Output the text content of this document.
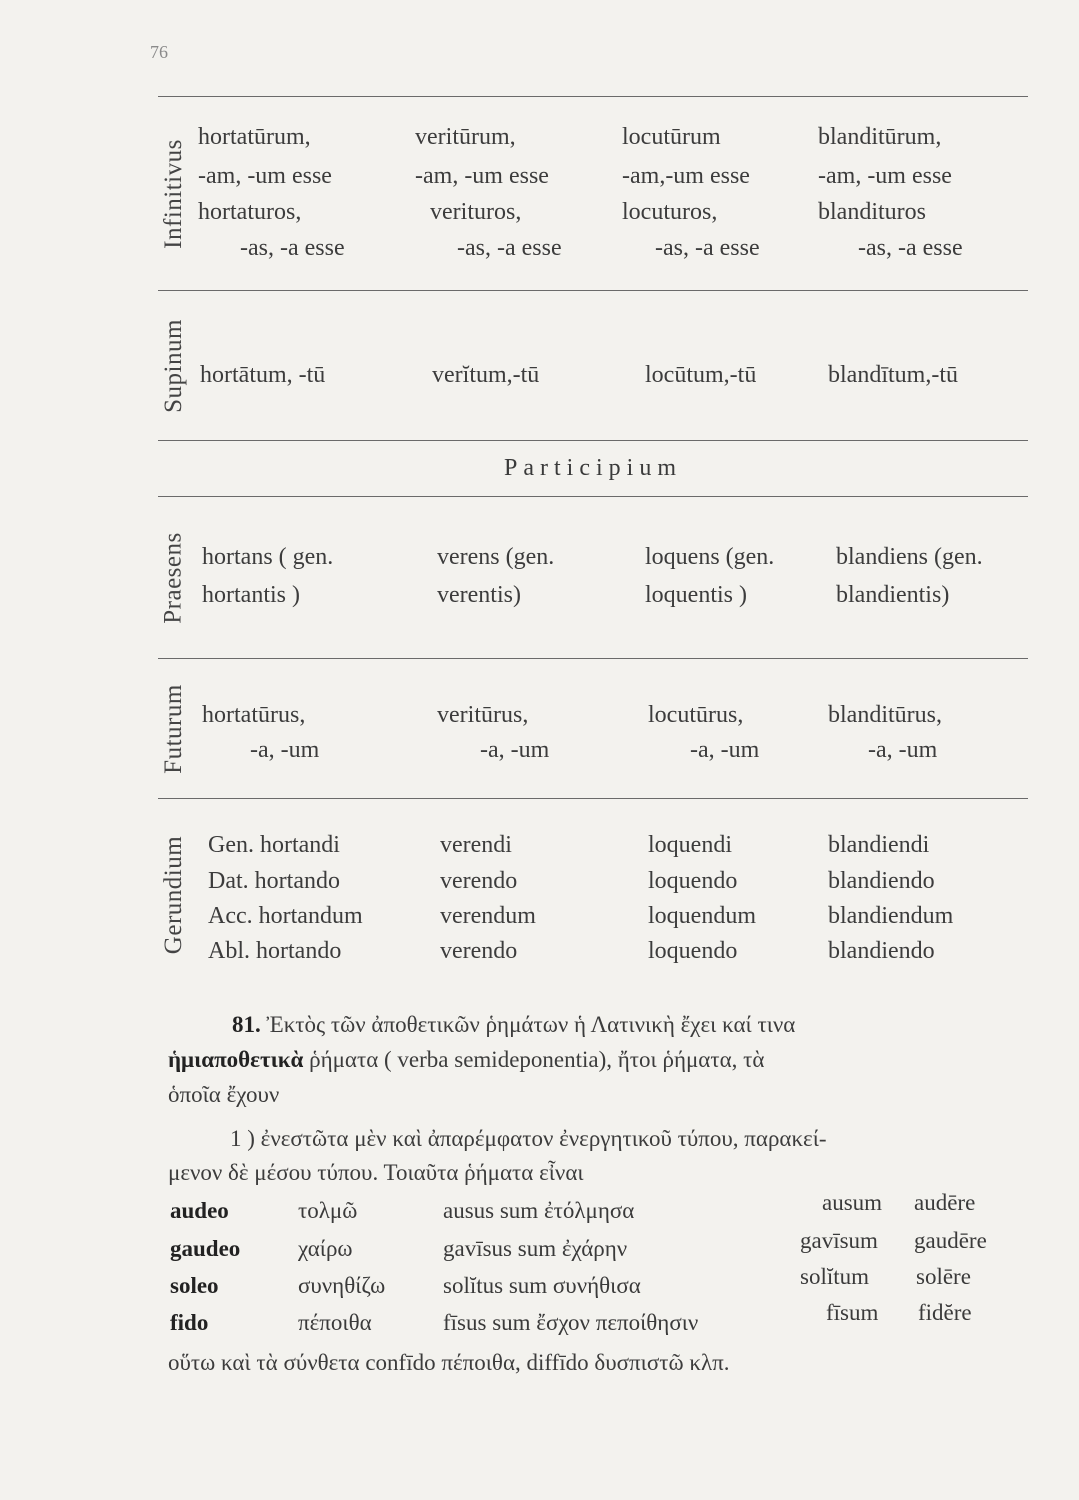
76
Infinitivus
hortatūrum,	veritūrum,	locutūrum	blanditūrum,
-am, -um esse	-am, -um esse	-am,-um esse	-am, -um esse
hortaturos,	verituros,	locuturos,	blandituros
-as, -a esse	-as, -a esse	-as, -a esse	-as, -a esse
Supinum hortātum, -tū	verĭtum,-tū	locūtum,-tū	blandītum,-tū
Participium
Praesens hortans ( gen.	verens (gen.	loquens (gen.	blandiens (gen.
hortantis )	verentis)	loquentis )	blandientis)
Futurum hortatūrus,	veritūrus,	locutūrus,	blanditūrus,
-a, -um	-a, -um	-a, -um	-a, -um
Gerundium Gen. hortandi	verendi	loquendi	blandiendi
Dat. hortando	verendo	loquendo	blandiendo
Acc. hortandum	verendum	loquendum	blandiendum
Abl. hortando	verendo	loquendo	blandiendo
81. Ἐκτὸς τῶν ἀποθετικῶν ῥημάτων ἡ Λατινικὴ ἔχει καί τινα
ἡμιαποθετικὰ ῥήματα ( verba semideponentia), ἤτοι ῥήματα, τὰ
ὁποῖα ἔχουν
1 ) ἐνεστῶτα μὲν καὶ ἀπαρέμφατον ἐνεργητικοῦ τύπου, παρακεί-
μενον δὲ μέσου τύπου. Τοιαῦτα ῥήματα εἶναι
audeo	τολμῶ	ausus sum ἐτόλμησα	ausum audēre
gaudeo	χαίρω	gavīsus sum ἐχάρην	gavīsum gaudēre
soleo	συνηθίζω	solĭtus sum συνήθισα	solĭtum solēre
fido	πέποιθα	fīsus sum ἔσχον πεποίθησιν	fīsum fidĕre
οὕτω καὶ τὰ σύνθετα confīdo πέποιθα, diffīdo δυσπιστῶ κλπ.
